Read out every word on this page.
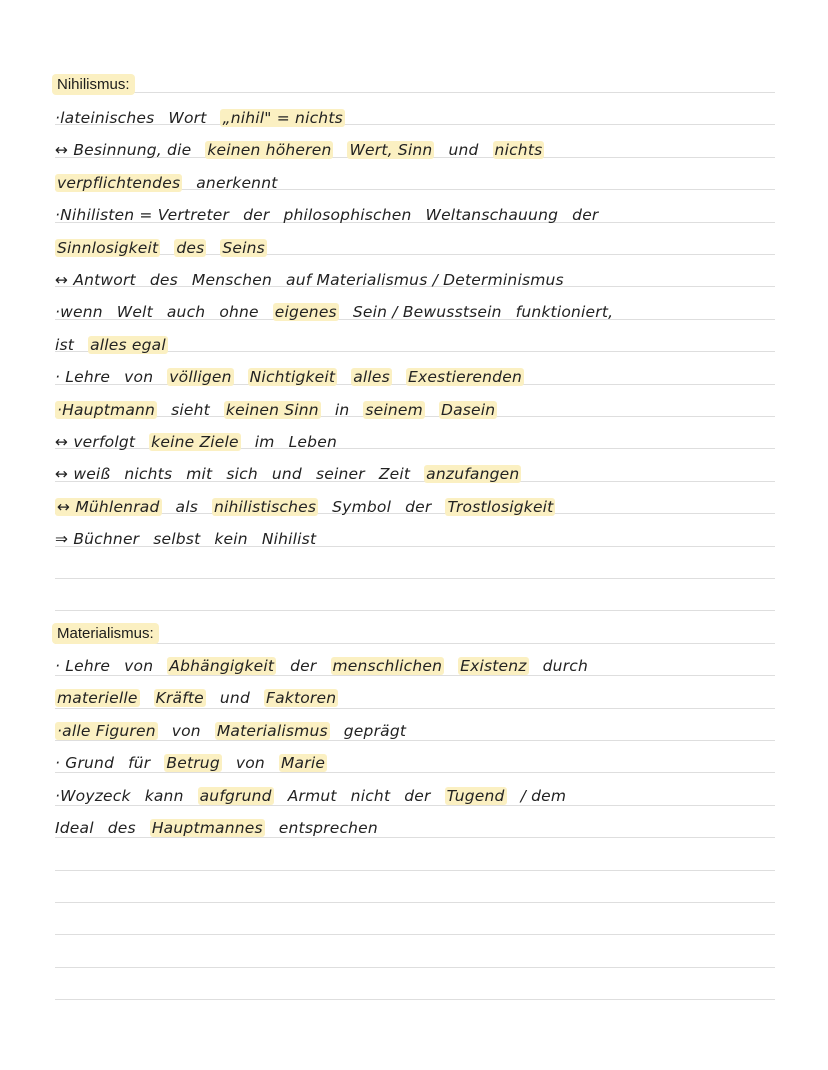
Nihilismus:
·lateinisches Wort „nihil" = nichts
↔ Besinnung, die keinen höheren Wert, Sinn und nichts
verpflichtendes anerkennt
·Nihilisten = Vertreter der philosophischen Weltanschauung der
Sinnlosigkeit des Seins
↔ Antwort des Menschen auf Materialismus / Determinismus
·wenn Welt auch ohne eigenes Sein / Bewusstsein funktioniert,
ist alles egal
· Lehre von völligen Nichtigkeit alles Exestierenden
·Hauptmann sieht keinen Sinn in seinem Dasein
↔ verfolgt keine Ziele im Leben
↔ weiß nichts mit sich und seiner Zeit anzufangen
↔ Mühlenrad als nihilistisches Symbol der Trostlosigkeit
⇒ Büchner selbst kein Nihilist
Materialismus:
· Lehre von Abhängigkeit der menschlichen Existenz durch
materielle Kräfte und Faktoren
·alle Figuren von Materialismus geprägt
· Grund für Betrug von Marie
·Woyzeck kann aufgrund Armut nicht der Tugend / dem
Ideal des Hauptmannes entsprechen
